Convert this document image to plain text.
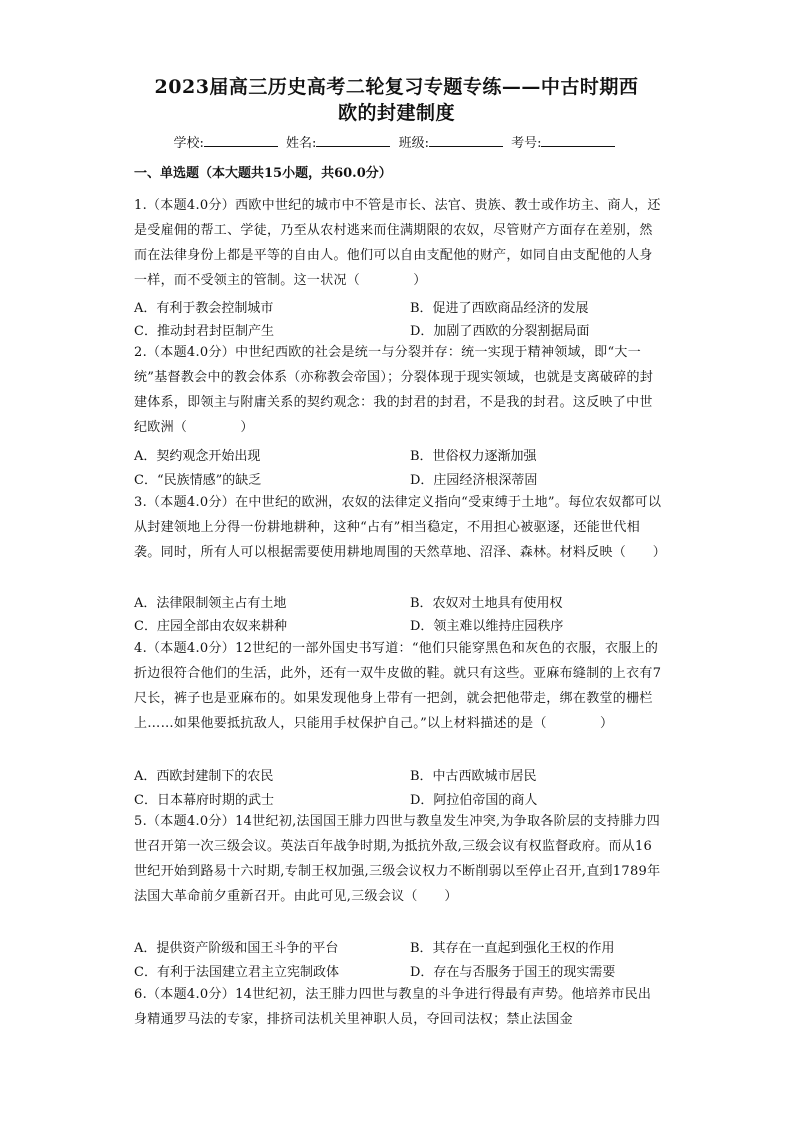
2023届高三历史高考二轮复习专题专练——中古时期西
欧的封建制度
学校:	姓名:	班级:	考号:
一、单选题（本大题共15小题，共60.0分）
1.（本题4.0分）西欧中世纪的城市中不管是市长、法官、贵族、教士或作坊主、商人，还是受雇佣的帮工、学徒，乃至从农村逃来而住满期限的农奴，尽管财产方面存在差别，然而在法律身份上都是平等的自由人。他们可以自由支配他的财产，如同自由支配他的人身一样，而不受领主的管制。这一状况（　　　　）
A．有利于教会控制城市	B．促进了西欧商品经济的发展
C．推动封君封臣制产生	D．加剧了西欧的分裂割据局面
2.（本题4.0分）中世纪西欧的社会是统一与分裂并存：统一实现于精神领域，即“大一统”基督教会中的教会体系（亦称教会帝国）；分裂体现于现实领域，也就是支离破碎的封建体系，即领主与附庸关系的契约观念：我的封君的封君，不是我的封君。这反映了中世纪欧洲（　　　　）
A．契约观念开始出现	B．世俗权力逐渐加强
C．“民族情感”的缺乏	D．庄园经济根深蒂固
3.（本题4.0分）在中世纪的欧洲，农奴的法律定义指向“受束缚于土地”。每位农奴都可以从封建领地上分得一份耕地耕种，这种“占有”相当稳定，不用担心被驱逐，还能世代相袭。同时，所有人可以根据需要使用耕地周围的天然草地、沼泽、森林。材料反映（　　）
A．法律限制领主占有土地	B．农奴对土地具有使用权
C．庄园全部由农奴来耕种	D．领主难以维持庄园秩序
4.（本题4.0分）12世纪的一部外国史书写道：“他们只能穿黑色和灰色的衣服，衣服上的折边很符合他们的生活，此外，还有一双牛皮做的鞋。就只有这些。亚麻布缝制的上衣有7尺长，裤子也是亚麻布的。如果发现他身上带有一把剑，就会把他带走，绑在教堂的栅栏上……如果他要抵抗敌人，只能用手杖保护自己。”以上材料描述的是（　　　　）
A．西欧封建制下的农民	B．中古西欧城市居民
C．日本幕府时期的武士	D．阿拉伯帝国的商人
5.（本题4.0分）14世纪初,法国国王腓力四世与教皇发生冲突,为争取各阶层的支持腓力四世召开第一次三级会议。英法百年战争时期,为抵抗外敌,三级会议有权监督政府。而从16世纪开始到路易十六时期,专制王权加强,三级会议权力不断削弱以至停止召开,直到1789年法国大革命前夕重新召开。由此可见,三级会议（　　）
A．提供资产阶级和国王斗争的平台	B．其存在一直起到强化王权的作用
C．有利于法国建立君主立宪制政体	D．存在与否服务于国王的现实需要
6.（本题4.0分）14世纪初，法王腓力四世与教皇的斗争进行得最有声势。他培养市民出身精通罗马法的专家，排挤司法机关里神职人员，夺回司法权；禁止法国金
